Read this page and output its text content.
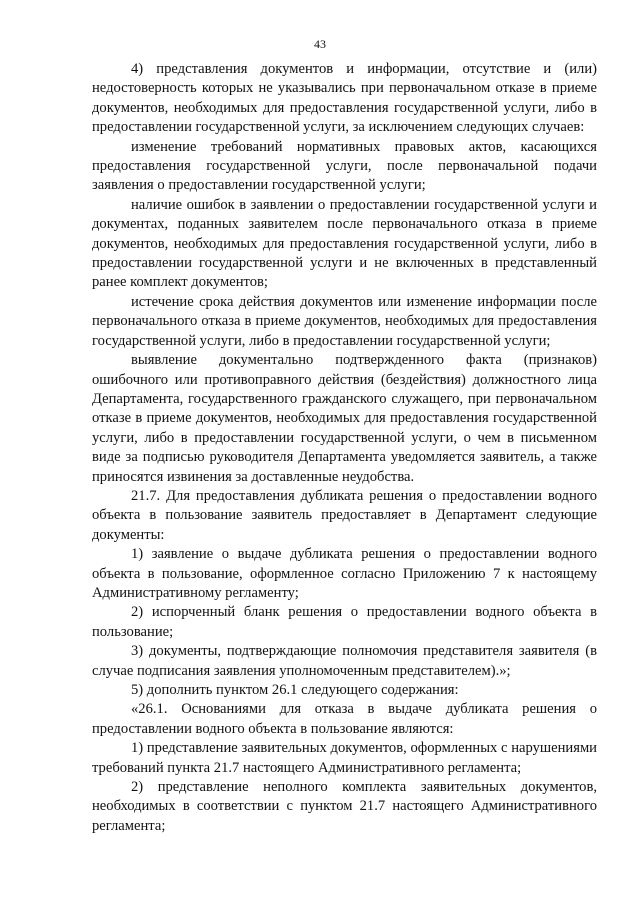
43

4) представления документов и информации, отсутствие и (или) недостоверность которых не указывались при первоначальном отказе в приеме документов, необходимых для предоставления государственной услуги, либо в предоставлении государственной услуги, за исключением следующих случаев:

изменение требований нормативных правовых актов, касающихся предоставления государственной услуги, после первоначальной подачи заявления о предоставлении государственной услуги;

наличие ошибок в заявлении о предоставлении государственной услуги и документах, поданных заявителем после первоначального отказа в приеме документов, необходимых для предоставления государственной услуги, либо в предоставлении государственной услуги и не включенных в представленный ранее комплект документов;

истечение срока действия документов или изменение информации после первоначального отказа в приеме документов, необходимых для предоставления государственной услуги, либо в предоставлении государственной услуги;

выявление документально подтвержденного факта (признаков) ошибочного или противоправного действия (бездействия) должностного лица Департамента, государственного гражданского служащего, при первоначальном отказе в приеме документов, необходимых для предоставления государственной услуги, либо в предоставлении государственной услуги, о чем в письменном виде за подписью руководителя Департамента уведомляется заявитель, а также приносятся извинения за доставленные неудобства.

21.7. Для предоставления дубликата решения о предоставлении водного объекта в пользование заявитель предоставляет в Департамент следующие документы:

1) заявление о выдаче дубликата решения о предоставлении водного объекта в пользование, оформленное согласно Приложению 7 к настоящему Административному регламенту;

2) испорченный бланк решения о предоставлении водного объекта в пользование;

3) документы, подтверждающие полномочия представителя заявителя (в случае подписания заявления уполномоченным представителем).»;

5) дополнить пунктом 26.1 следующего содержания:

«26.1. Основаниями для отказа в выдаче дубликата решения о предоставлении водного объекта в пользование являются:

1) представление заявительных документов, оформленных с нарушениями требований пункта 21.7 настоящего Административного регламента;

2) представление неполного комплекта заявительных документов, необходимых в соответствии с пунктом 21.7 настоящего Административного регламента;
